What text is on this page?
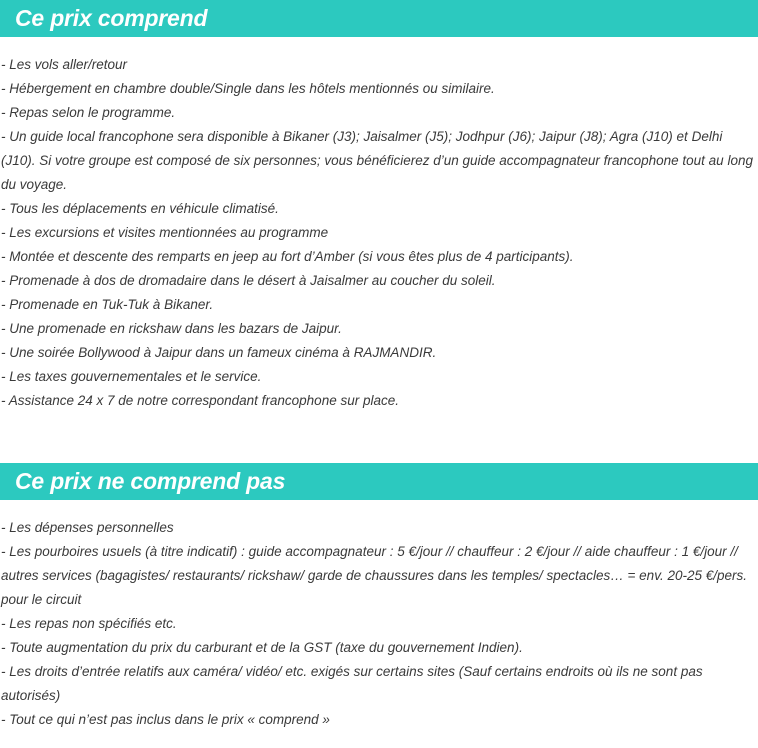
Ce prix comprend
- Les vols aller/retour
- Hébergement en chambre double/Single dans les hôtels mentionnés ou similaire.
- Repas selon le programme.
- Un guide local francophone sera disponible à Bikaner (J3); Jaisalmer (J5); Jodhpur (J6); Jaipur (J8); Agra (J10) et Delhi (J10). Si votre groupe est composé de six personnes; vous bénéficierez d’un guide accompagnateur francophone tout au long du voyage.
- Tous les déplacements en véhicule climatisé.
- Les excursions et visites mentionnées au programme
- Montée et descente des remparts en jeep au fort d’Amber (si vous êtes plus de 4 participants).
- Promenade à dos de dromadaire dans le désert à Jaisalmer au coucher du soleil.
- Promenade en Tuk-Tuk à Bikaner.
- Une promenade en rickshaw dans les bazars de Jaipur.
- Une soirée Bollywood à Jaipur dans un fameux cinéma à RAJMANDIR.
- Les taxes gouvernementales et le service.
- Assistance 24 x 7 de notre correspondant francophone sur place.
Ce prix ne comprend pas
- Les dépenses personnelles
- Les pourboires usuels (à titre indicatif) : guide accompagnateur : 5 €/jour // chauffeur : 2 €/jour // aide chauffeur : 1 €/jour // autres services (bagagistes/ restaurants/ rickshaw/ garde de chaussures dans les temples/ spectacles… = env. 20-25 €/pers. pour le circuit
- Les repas non spécifiés etc.
- Toute augmentation du prix du carburant et de la GST (taxe du gouvernement Indien).
- Les droits d’entrée relatifs aux caméra/ vidéo/ etc. exigés sur certains sites (Sauf certains endroits où ils ne sont pas autorisés)
- Tout ce qui n’est pas inclus dans le prix « comprend »
